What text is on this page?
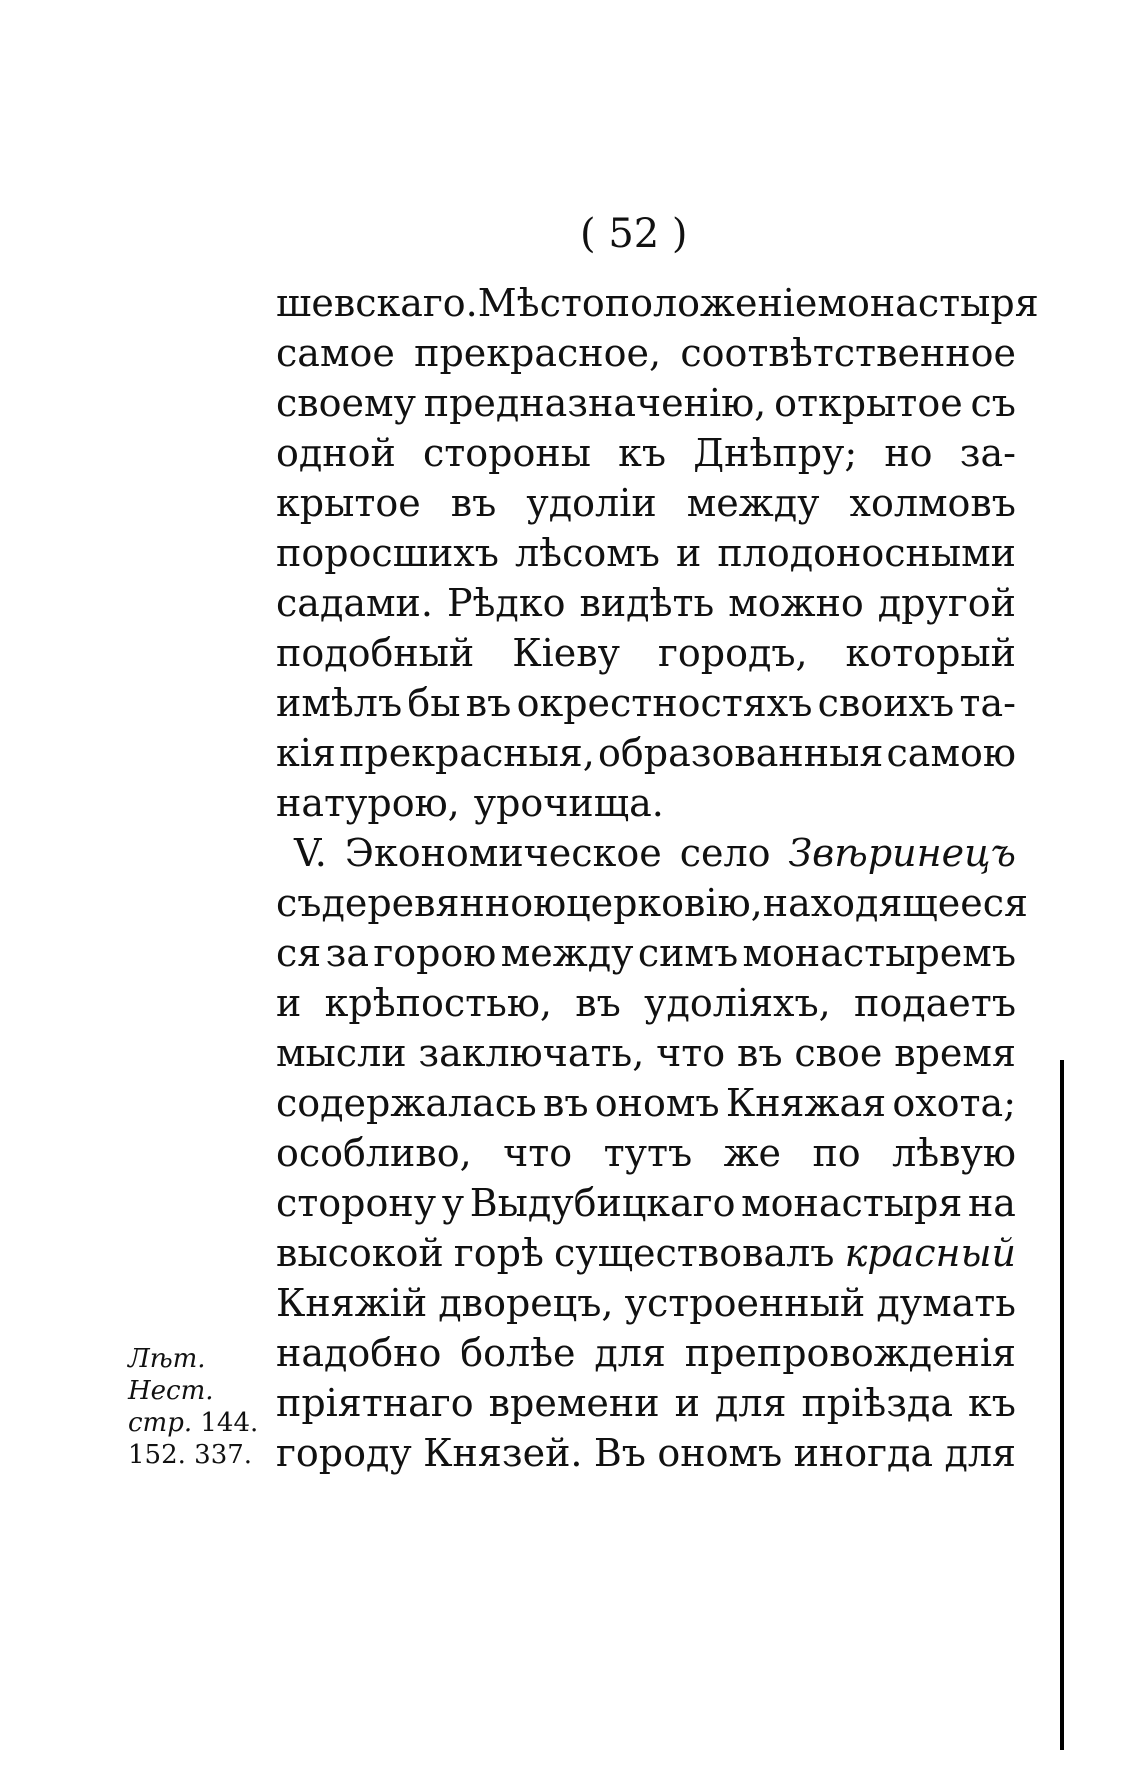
( 52 )
шевскаго. Мѣстоположеніе монастыря
самое прекрасное, соотвѣтственное
своему предназначенію, открытое съ
одной стороны къ Днѣпру; но за-
крытое въ удоліи между холмовъ
поросшихъ лѣсомъ и плодоносными
садами. Рѣдко видѣть можно другой
подобный Кіеву городъ, который
имѣлъ бы въ окрестностяхъ своихъ та-
кія прекрасныя, образованныя самою
натурою, урочища.
V. Экономическое село Звѣринецъ
съ деревянною церковію, находящееся
ся за горою между симъ монастыремъ
и крѣпостью, въ удоліяхъ, подаетъ
мысли заключать, что въ свое время
содержалась въ ономъ Княжая охота;
особливо, что тутъ же по лѣвую
сторону у Выдубицкаго монастыря на
высокой горѣ существовалъ красный
Княжій дворецъ, устроенный думать
надобно болѣе для препровожденія
пріятнаго времени и для пріѣзда къ
городу Князей. Въ ономъ иногда для
Лѣт.
Нест.
стр. 144.
152. 337.
